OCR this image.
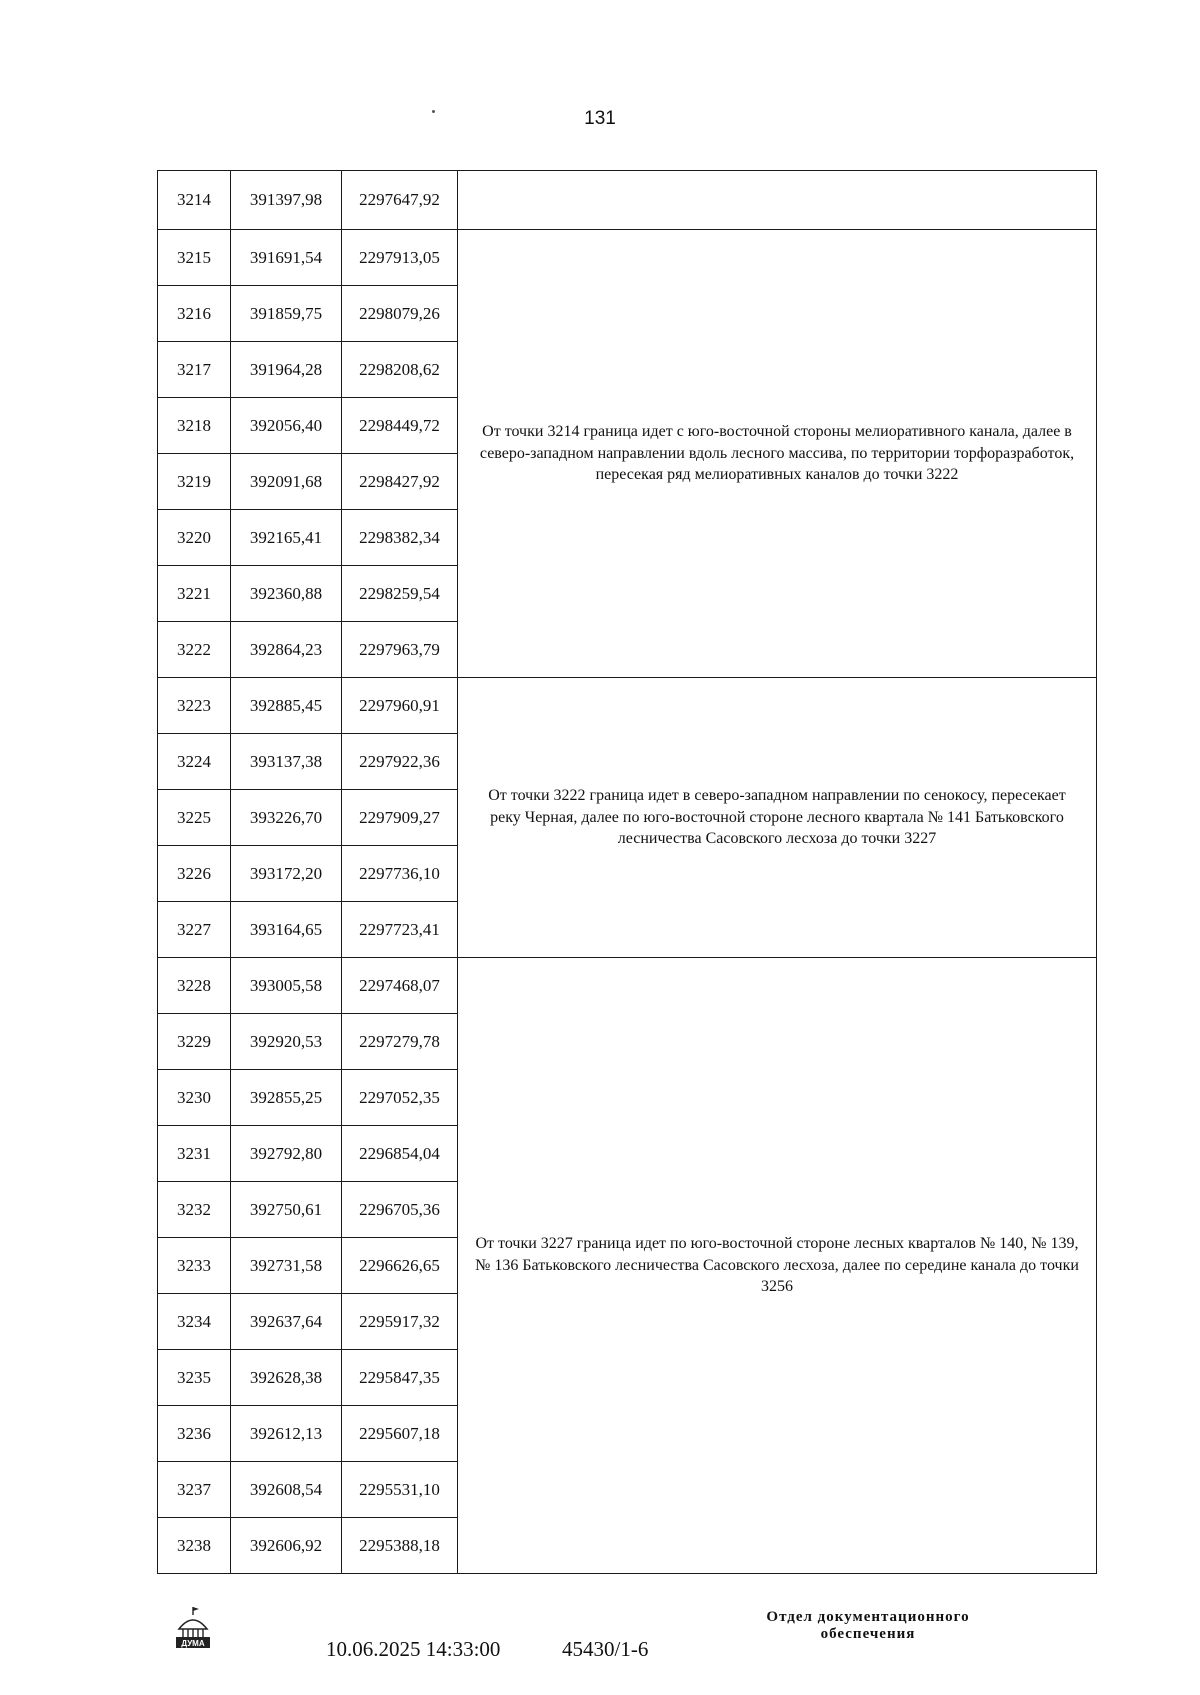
131
3214	391397,98	2297647,92	
3215	391691,54	2297913,05	От точки 3214 граница идет с юго-восточной стороны мелиоративного канала, далее в северо-западном направлении вдоль лесного массива, по территории торфоразработок, пересекая ряд мелиоративных каналов до точки 3222
3216	391859,75	2298079,26	
3217	391964,28	2298208,62	
3218	392056,40	2298449,72	
3219	392091,68	2298427,92	
3220	392165,41	2298382,34	
3221	392360,88	2298259,54	
3222	392864,23	2297963,79	
3223	392885,45	2297960,91	От точки 3222 граница идет в северо-западном направлении по сенокосу, пересекает реку Черная, далее по юго-восточной стороне лесного квартала № 141 Батьковского лесничества Сасовского лесхоза до точки 3227
3224	393137,38	2297922,36	
3225	393226,70	2297909,27	
3226	393172,20	2297736,10	
3227	393164,65	2297723,41	
3228	393005,58	2297468,07	От точки 3227 граница идет по юго-восточной стороне лесных кварталов № 140, № 139, № 136 Батьковского лесничества Сасовского лесхоза, далее по середине канала до точки 3256
3229	392920,53	2297279,78	
3230	392855,25	2297052,35	
3231	392792,80	2296854,04	
3232	392750,61	2296705,36	
3233	392731,58	2296626,65	
3234	392637,64	2295917,32	
3235	392628,38	2295847,35	
3236	392612,13	2295607,18	
3237	392608,54	2295531,10	
3238	392606,92	2295388,18	
ДУМА	10.06.2025 14:33:00	45430/1-6
Отдел документационного
обеспечения
